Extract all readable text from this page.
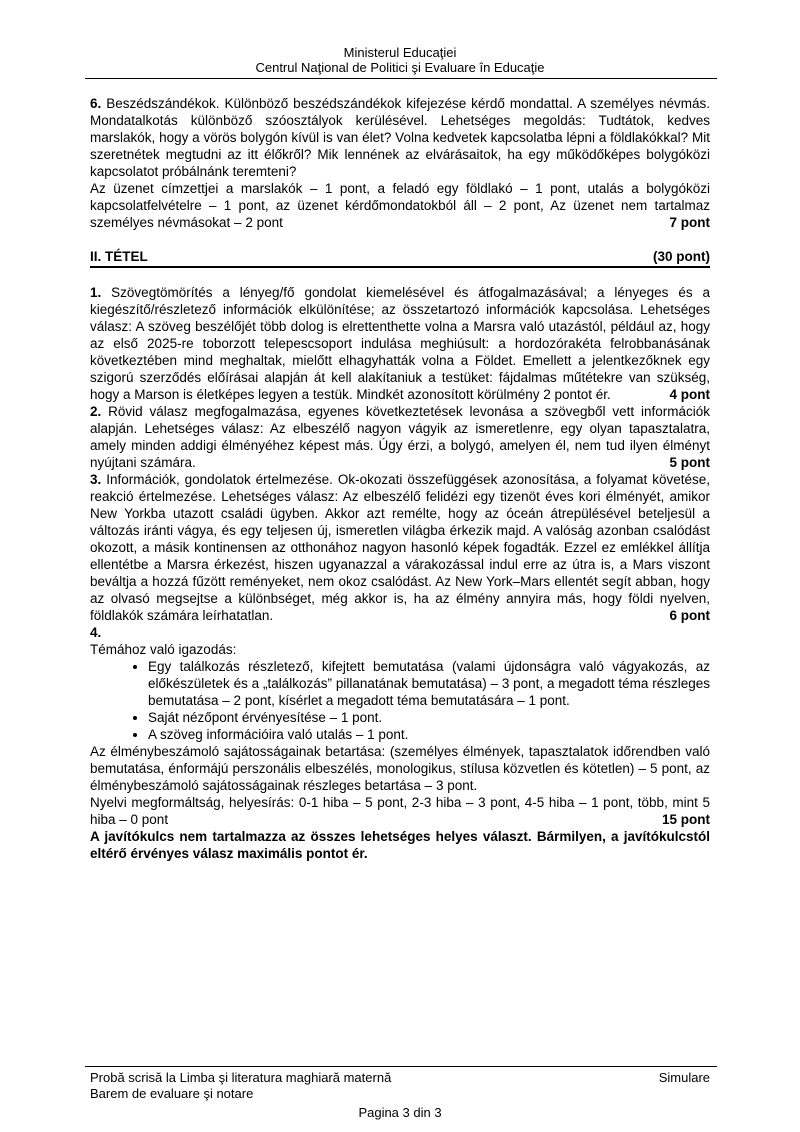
Ministerul Educaţiei
Centrul Naţional de Politici şi Evaluare în Educaţie

6. Beszédszándékok. Különböző beszédszándékok kifejezése kérdő mondattal. A személyes névmás. Mondatalkotás különböző szóosztályok kerülésével. Lehetséges megoldás: Tudtátok, kedves marslakók, hogy a vörös bolygón kívül is van élet? Volna kedvetek kapcsolatba lépni a földlakókkal? Mit szeretnétek megtudni az itt élőkről? Mik lennének az elvárásaitok, ha egy működőképes bolygóközi kapcsolatot próbálnánk teremteni?

Az üzenet címzettjei a marslakók – 1 pont, a feladó egy földlakó – 1 pont, utalás a bolygóközi kapcsolatfelvételre – 1 pont, az üzenet kérdőmondatokból áll – 2 pont, Az üzenet nem tartalmaz személyes névmásokat – 2 pont	7 pont

II. TÉTEL	(30 pont)

1. Szövegtömörítés a lényeg/fő gondolat kiemelésével és átfogalmazásával; a lényeges és a kiegészítő/részletező információk elkülönítése; az összetartozó információk kapcsolása. Lehetséges válasz: A szöveg beszélőjét több dolog is elrettenthette volna a Marsra való utazástól, például az, hogy az első 2025-re toborzott telepescsoport indulása meghiúsult: a hordozórakéta felrobbanásának következtében mind meghaltak, mielőtt elhagyhatták volna a Földet. Emellett a jelentkezőknek egy szigorú szerződés előírásai alapján át kell alakítaniuk a testüket: fájdalmas műtétekre van szükség, hogy a Marson is életképes legyen a testük. Mindkét azonosított körülmény 2 pontot ér.	4 pont

2. Rövid válasz megfogalmazása, egyenes következtetések levonása a szövegből vett információk alapján. Lehetséges válasz: Az elbeszélő nagyon vágyik az ismeretlenre, egy olyan tapasztalatra, amely minden addigi élményéhez képest más. Úgy érzi, a bolygó, amelyen él, nem tud ilyen élményt nyújtani számára.	5 pont

3. Információk, gondolatok értelmezése. Ok-okozati összefüggések azonosítása, a folyamat követése, reakció értelmezése. Lehetséges válasz: Az elbeszélő felidézi egy tizenöt éves kori élményét, amikor New Yorkba utazott családi ügyben. Akkor azt remélte, hogy az óceán átrepülésével beteljesül a változás iránti vágya, és egy teljesen új, ismeretlen világba érkezik majd. A valóság azonban csalódást okozott, a másik kontinensen az otthonához nagyon hasonló képek fogadták. Ezzel ez emlékkel állítja ellentétbe a Marsra érkezést, hiszen ugyanazzal a várakozással indul erre az útra is, a Mars viszont beváltja a hozzá fűzött reményeket, nem okoz csalódást. Az New York–Mars ellentét segít abban, hogy az olvasó megsejtse a különbséget, még akkor is, ha az élmény annyira más, hogy földi nyelven, földlakók számára leírhatatlan.	6 pont

4.

Témához való igazodás:

• Egy találkozás részletező, kifejtett bemutatása (valami újdonságra való vágyakozás, az előkészületek és a „találkozás” pillanatának bemutatása) – 3 pont, a megadott téma részleges bemutatása – 2 pont, kísérlet a megadott téma bemutatására – 1 pont.
• Saját nézőpont érvényesítése – 1 pont.
• A szöveg információira való utalás – 1 pont.

Az élménybeszámoló sajátosságainak betartása: (személyes élmények, tapasztalatok időrendben való bemutatása, énformájú perszonális elbeszélés, monologikus, stílusa közvetlen és kötetlen) – 5 pont, az élménybeszámoló sajátosságainak részleges betartása – 3 pont.

Nyelvi megformáltság, helyesírás: 0-1 hiba – 5 pont, 2-3 hiba – 3 pont, 4-5 hiba – 1 pont, több, mint 5 hiba – 0 pont	15 pont

A javítókulcs nem tartalmazza az összes lehetséges helyes választ. Bármilyen, a javítókulcstól eltérő érvényes válasz maximális pontot ér.

Probă scrisă la Limba şi literatura maghiară maternă	Simulare
Barem de evaluare şi notare
Pagina 3 din 3
